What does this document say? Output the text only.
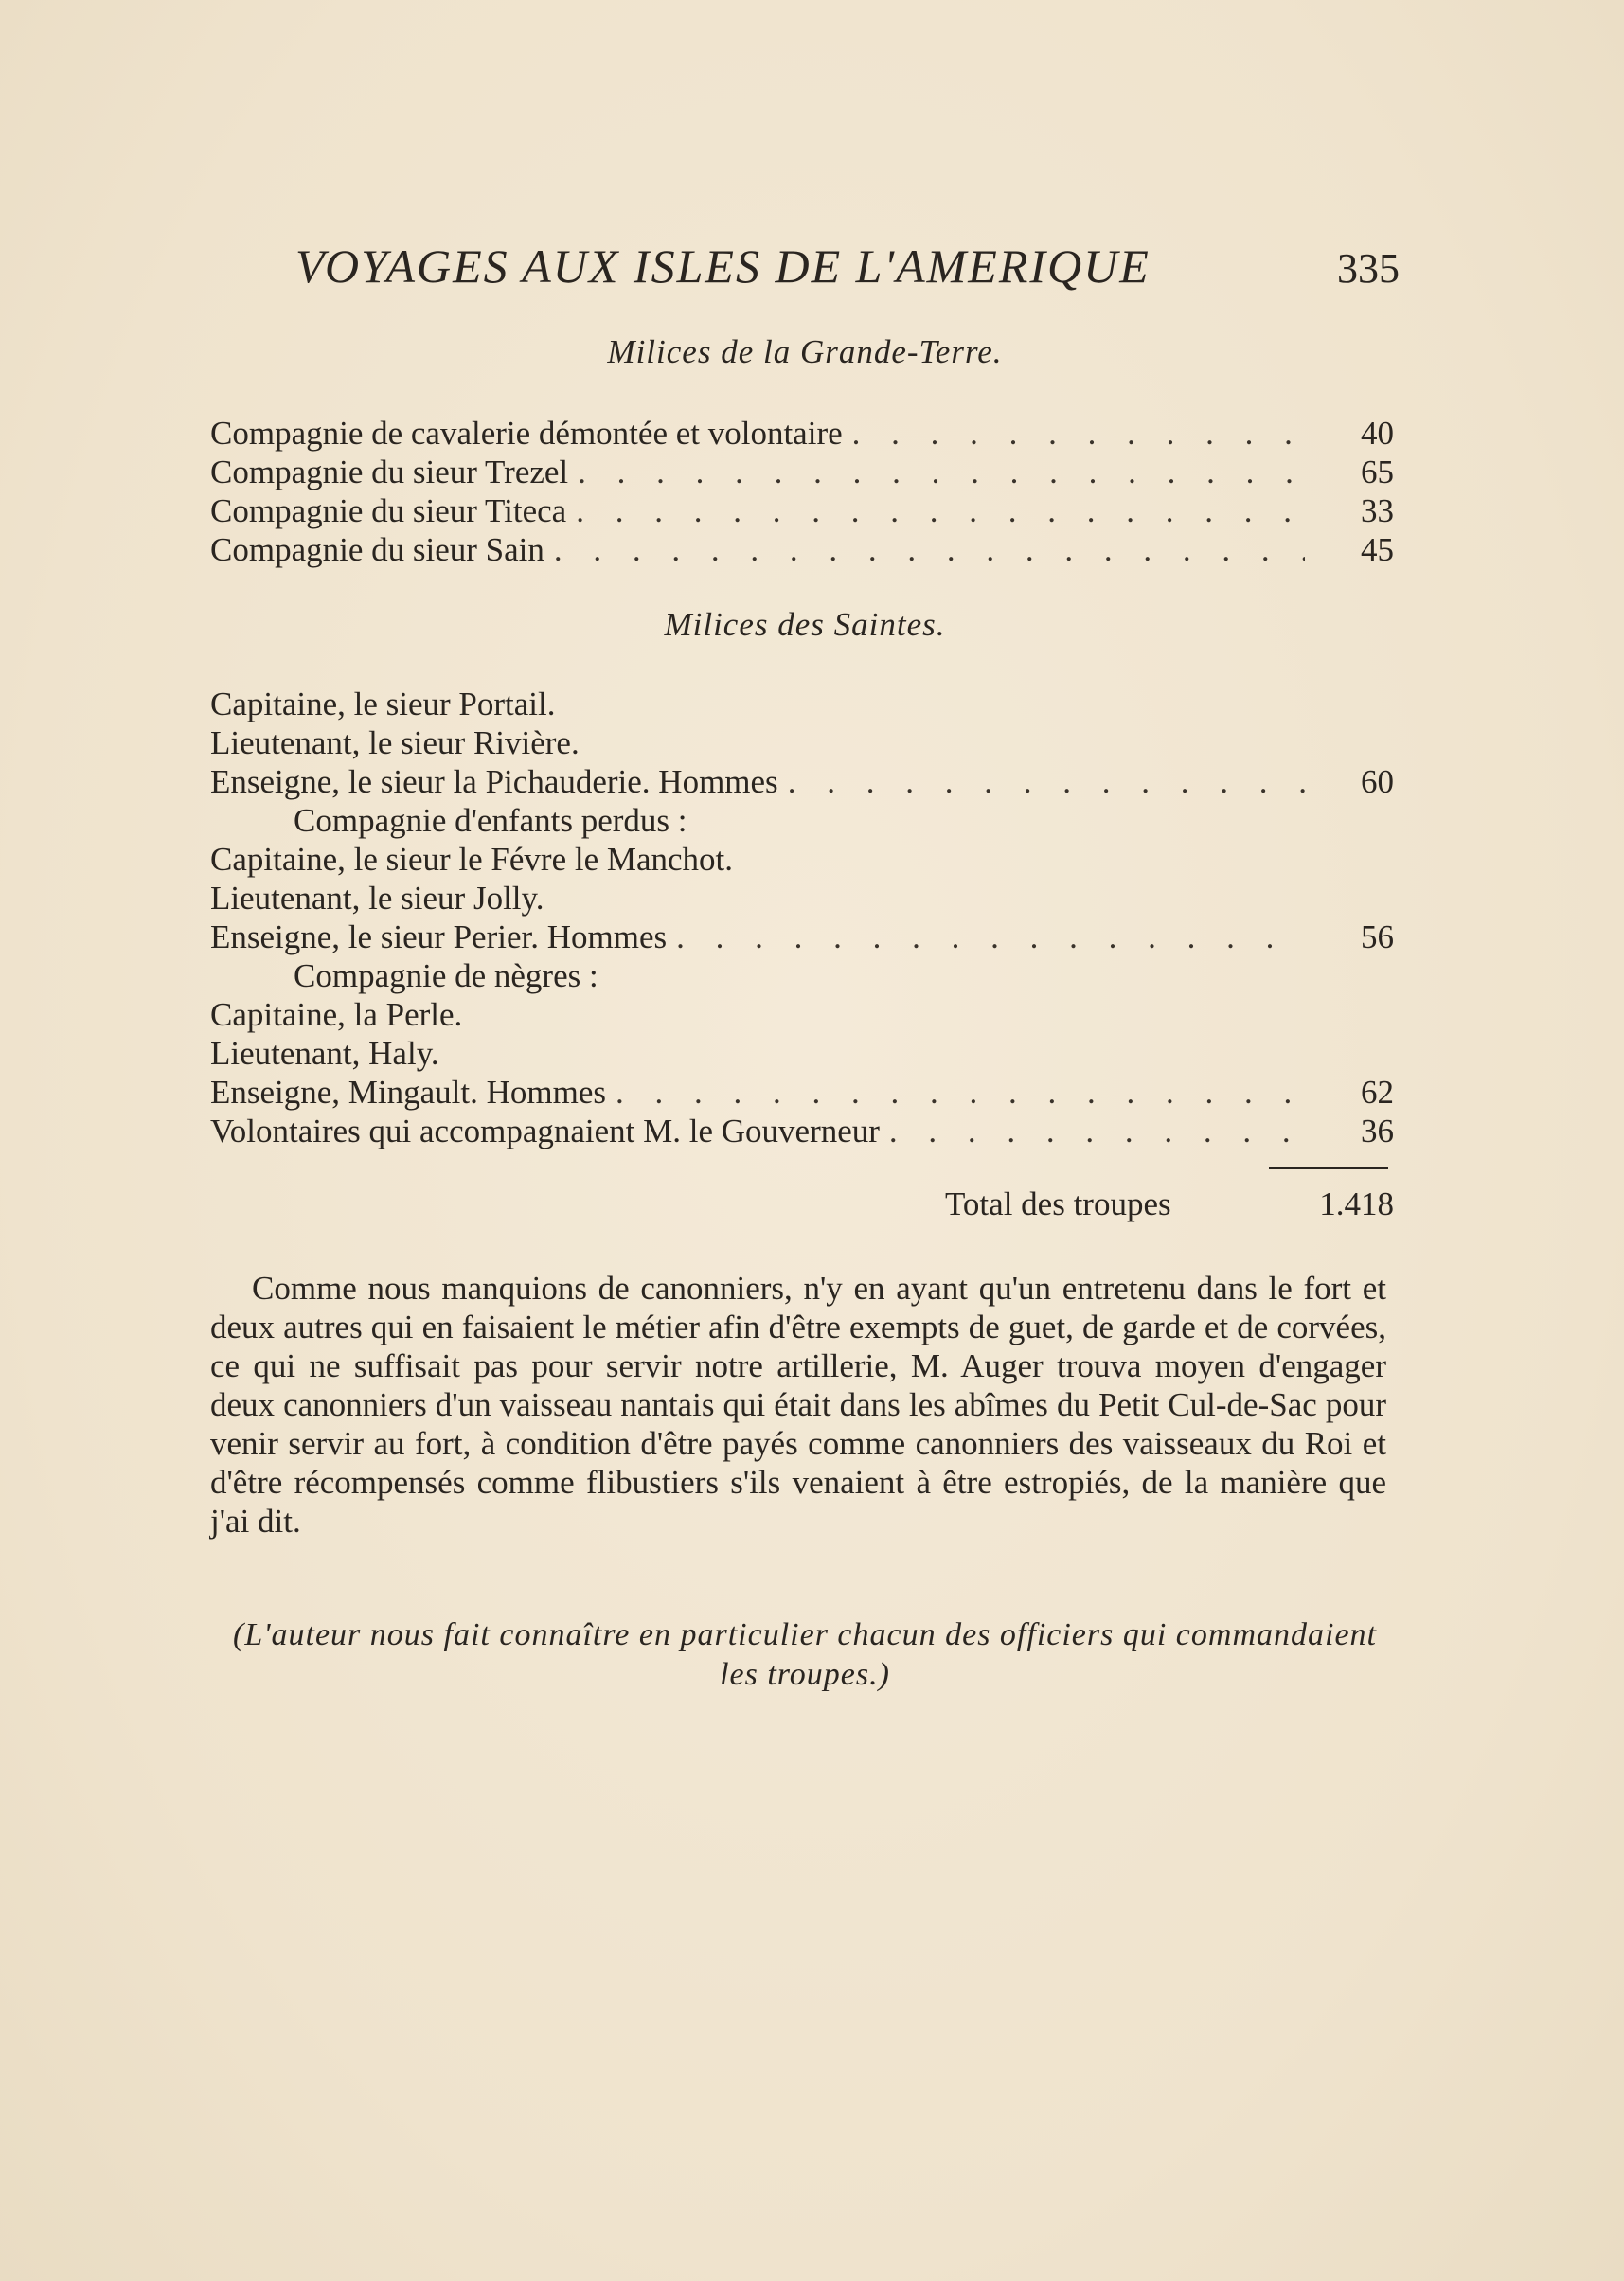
VOYAGES AUX ISLES DE L'AMERIQUE	335
Milices de la Grande-Terre.
Compagnie de cavalerie démontée et volontaire . . .	40
Compagnie du sieur Trezel . . .	65
Compagnie du sieur Titeca . . .	33
Compagnie du sieur Sain . . .	45
Milices des Saintes.
Capitaine, le sieur Portail.
Lieutenant, le sieur Rivière.
Enseigne, le sieur la Pichauderie. Hommes . . .	60
Compagnie d'enfants perdus :
Capitaine, le sieur le Févre le Manchot.
Lieutenant, le sieur Jolly.
Enseigne, le sieur Perier. Hommes . . .	56
Compagnie de nègres :
Capitaine, la Perle.
Lieutenant, Haly.
Enseigne, Mingault. Hommes . . .	62
Volontaires qui accompagnaient M. le Gouverneur . . .	36
Total des troupes	1.418

Comme nous manquions de canonniers, n'y en ayant qu'un entretenu dans le fort et deux autres qui en faisaient le métier afin d'être exempts de guet, de garde et de corvées, ce qui ne suffisait pas pour servir notre artillerie, M. Auger trouva moyen d'engager deux canonniers d'un vaisseau nantais qui était dans les abîmes du Petit Cul-de-Sac pour venir servir au fort, à condition d'être payés comme canonniers des vaisseaux du Roi et d'être récompensés comme flibustiers s'ils venaient à être estropiés, de la manière que j'ai dit.

(L'auteur nous fait connaître en particulier chacun des officiers qui commandaient les troupes.)
